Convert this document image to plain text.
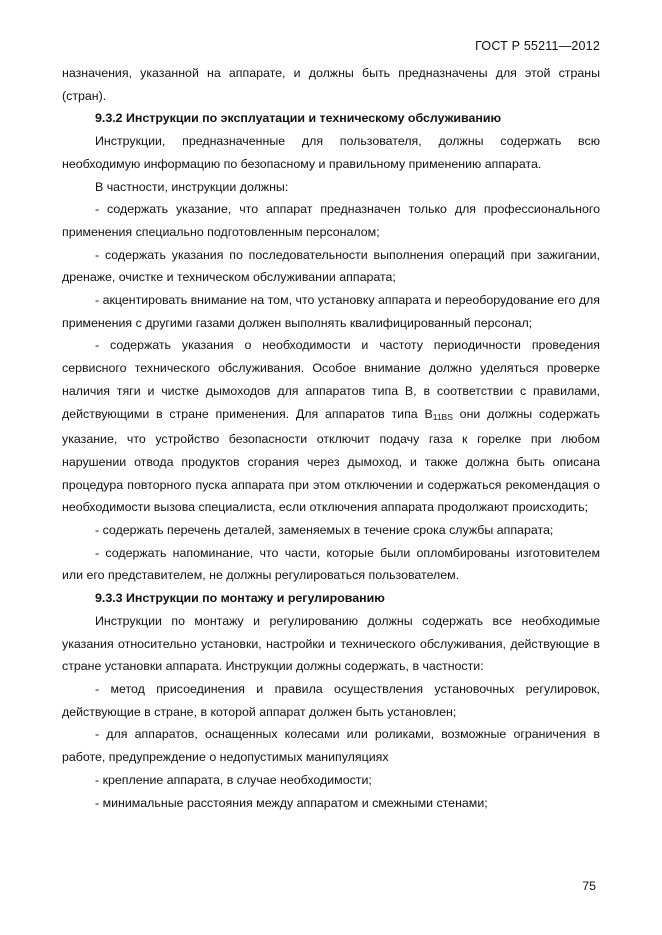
ГОСТ Р 55211—2012

назначения, указанной на аппарате, и должны быть предназначены для этой страны (стран).

9.3.2 Инструкции по эксплуатации и техническому обслуживанию

Инструкции, предназначенные для пользователя, должны содержать всю необходимую информацию по безопасному и правильному применению аппарата.

В частности, инструкции должны:

- содержать указание, что аппарат предназначен только для профессионального применения специально подготовленным персоналом;

- содержать указания по последовательности выполнения операций при зажигании, дренаже, очистке и техническом обслуживании аппарата;

- акцентировать внимание на том, что установку аппарата и переоборудование его для применения с другими газами должен выполнять квалифицированный персонал;

- содержать указания о необходимости и частоту периодичности проведения сервисного технического обслуживания. Особое внимание должно уделяться проверке наличия тяги и чистке дымоходов для аппаратов типа B, в соответствии с правилами, действующими в стране применения. Для аппаратов типа $B_{11BS}$ они должны содержать указание, что устройство безопасности отключит подачу газа к горелке при любом нарушении отвода продуктов сгорания через дымоход, и также должна быть описана процедура повторного пуска аппарата при этом отключении и содержаться рекомендация о необходимости вызова специалиста, если отключения аппарата продолжают происходить;

- содержать перечень деталей, заменяемых в течение срока службы аппарата;

- содержать напоминание, что части, которые были опломбированы изготовителем или его представителем, не должны регулироваться пользователем.

9.3.3 Инструкции по монтажу и регулированию

Инструкции по монтажу и регулированию должны содержать все необходимые указания относительно установки, настройки и технического обслуживания, действующие в стране установки аппарата. Инструкции должны содержать, в частности:

- метод присоединения и правила осуществления установочных регулировок, действующие в стране, в которой аппарат должен быть установлен;

- для аппаратов, оснащенных колесами или роликами, возможные ограничения в работе, предупреждение о недопустимых манипуляциях

- крепление аппарата, в случае необходимости;

- минимальные расстояния между аппаратом и смежными стенами;

75
